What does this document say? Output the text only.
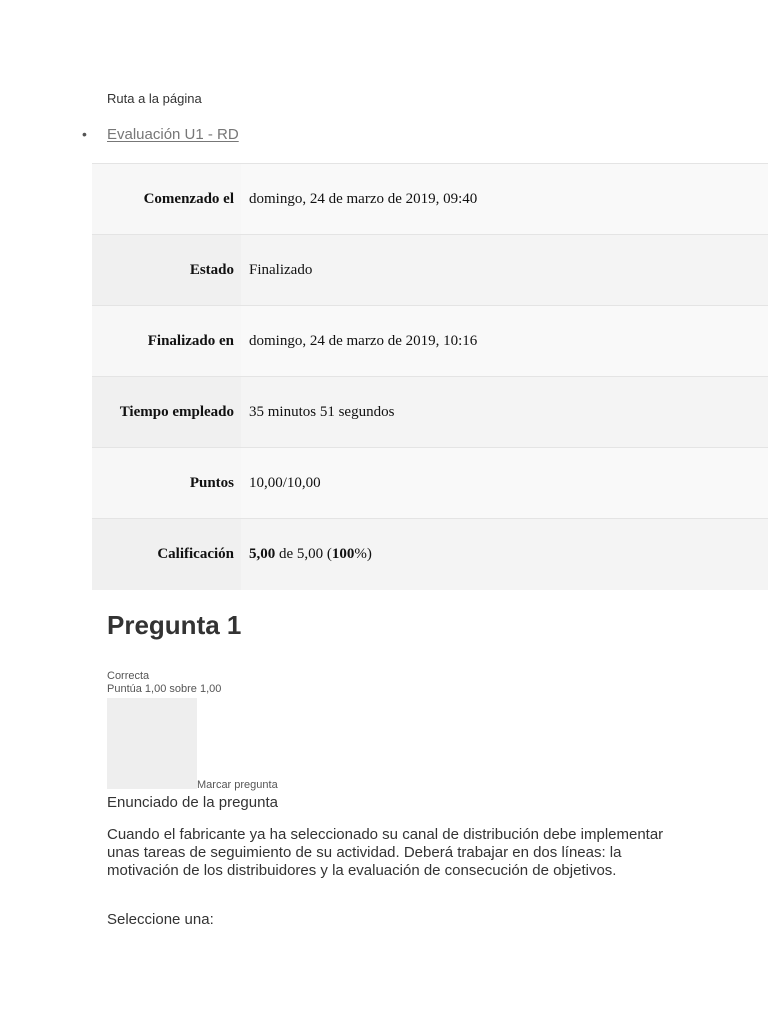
Ruta a la página
• Evaluación U1 - RD
Comenzado el	domingo, 24 de marzo de 2019, 09:40
Estado	Finalizado
Finalizado en	domingo, 24 de marzo de 2019, 10:16
Tiempo empleado	35 minutos 51 segundos
Puntos	10,00/10,00
Calificación	5,00 de 5,00 (100%)
Pregunta 1
Correcta
Puntúa 1,00 sobre 1,00
Marcar pregunta
Enunciado de la pregunta

Cuando el fabricante ya ha seleccionado su canal de distribución debe implementar unas tareas de seguimiento de su actividad. Deberá trabajar en dos líneas: la motivación de los distribuidores y la evaluación de consecución de objetivos.

Seleccione una:
